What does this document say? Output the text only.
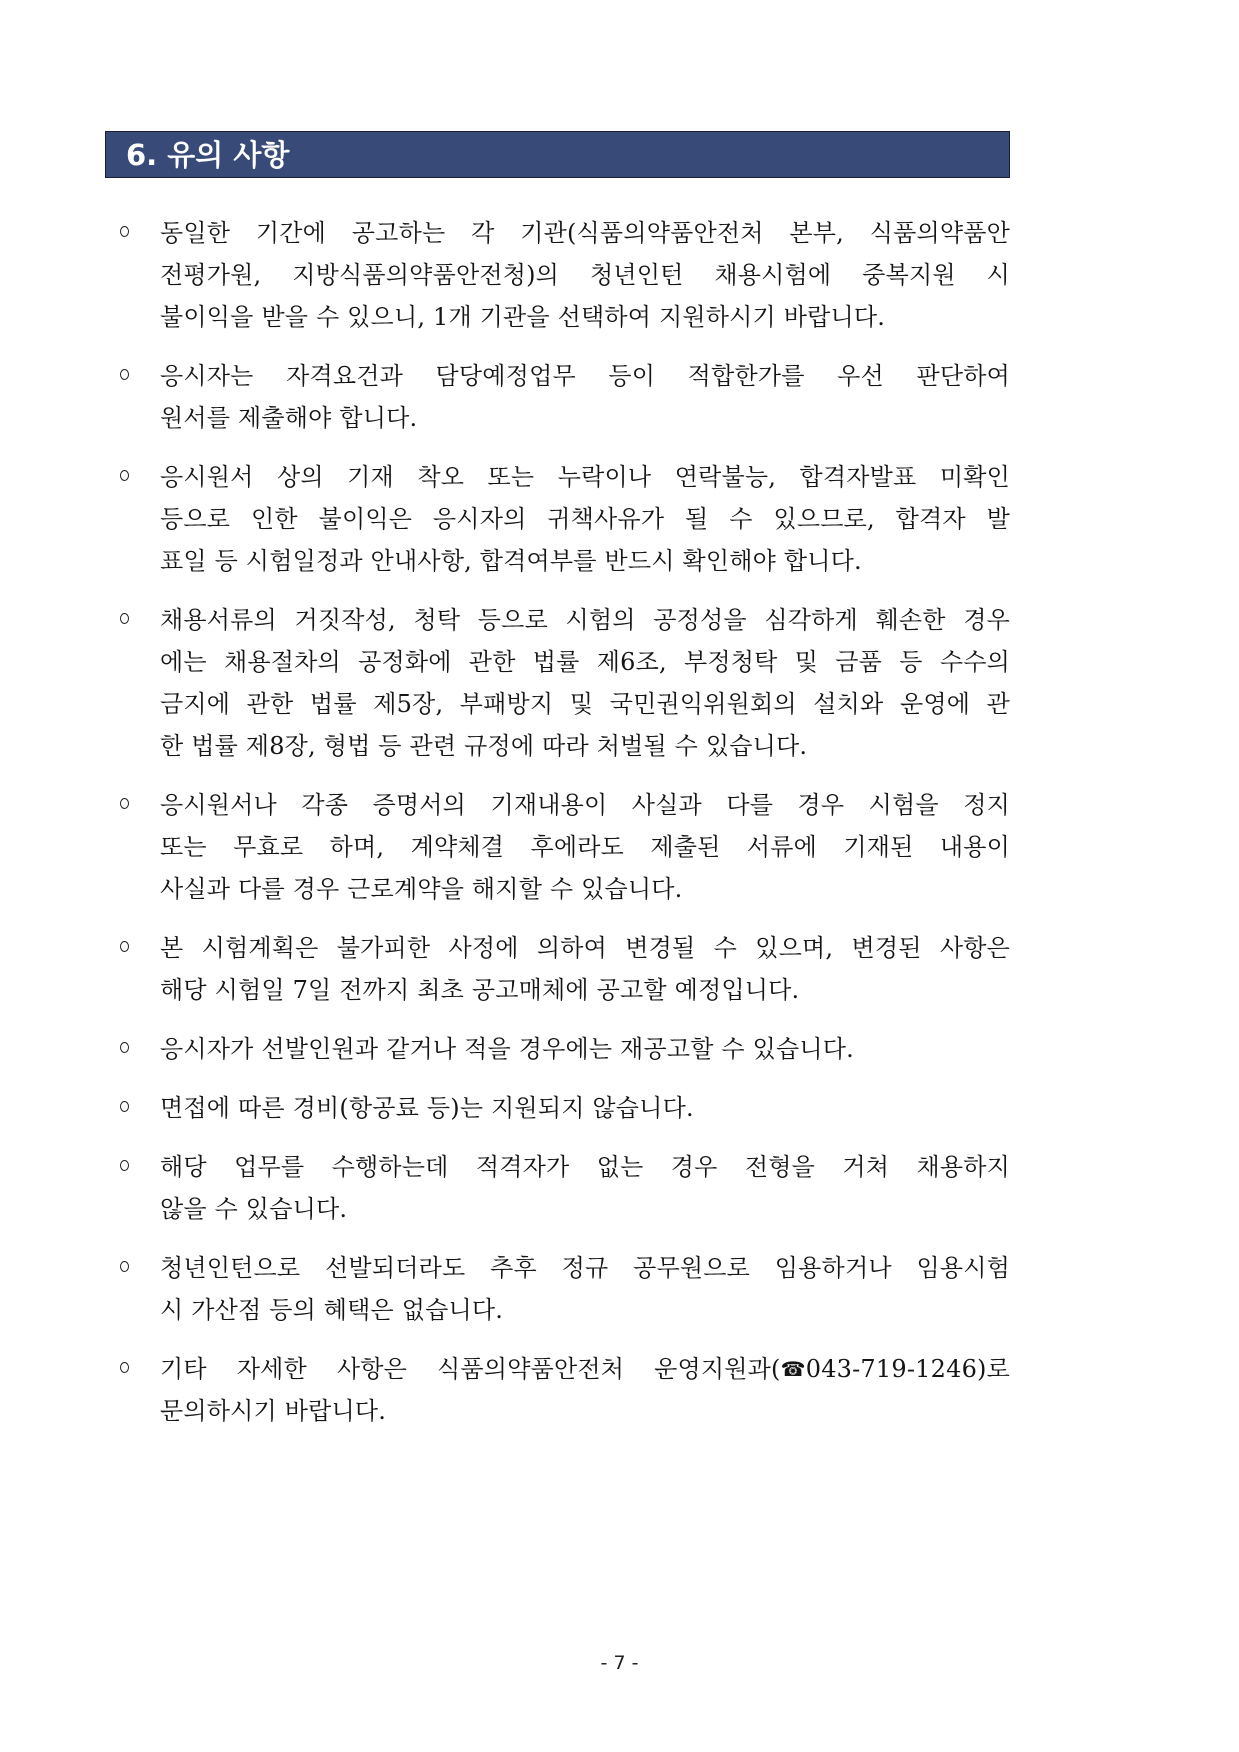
6. 유의 사항
동일한 기간에 공고하는 각 기관(식품의약품안전처 본부, 식품의약품안
전평가원, 지방식품의약품안전청)의 청년인턴 채용시험에 중복지원 시
불이익을 받을 수 있으니, 1개 기관을 선택하여 지원하시기 바랍니다.
응시자는 자격요건과 담당예정업무 등이 적합한가를 우선 판단하여
원서를 제출해야 합니다.
응시원서 상의 기재 착오 또는 누락이나 연락불능, 합격자발표 미확인
등으로 인한 불이익은 응시자의 귀책사유가 될 수 있으므로, 합격자 발
표일 등 시험일정과 안내사항, 합격여부를 반드시 확인해야 합니다.
채용서류의 거짓작성, 청탁 등으로 시험의 공정성을 심각하게 훼손한 경우
에는 채용절차의 공정화에 관한 법률 제6조, 부정청탁 및 금품 등 수수의
금지에 관한 법률 제5장, 부패방지 및 국민권익위원회의 설치와 운영에 관
한 법률 제8장, 형법 등 관련 규정에 따라 처벌될 수 있습니다.
응시원서나 각종 증명서의 기재내용이 사실과 다를 경우 시험을 정지
또는 무효로 하며, 계약체결 후에라도 제출된 서류에 기재된 내용이
사실과 다를 경우 근로계약을 해지할 수 있습니다.
본 시험계획은 불가피한 사정에 의하여 변경될 수 있으며, 변경된 사항은
해당 시험일 7일 전까지 최초 공고매체에 공고할 예정입니다.
응시자가 선발인원과 같거나 적을 경우에는 재공고할 수 있습니다.
면접에 따른 경비(항공료 등)는 지원되지 않습니다.
해당 업무를 수행하는데 적격자가 없는 경우 전형을 거쳐 채용하지
않을 수 있습니다.
청년인턴으로 선발되더라도 추후 정규 공무원으로 임용하거나 임용시험
시 가산점 등의 혜택은 없습니다.
기타 자세한 사항은 식품의약품안전처 운영지원과(☎043-719-1246)로
문의하시기 바랍니다.
- 7 -
